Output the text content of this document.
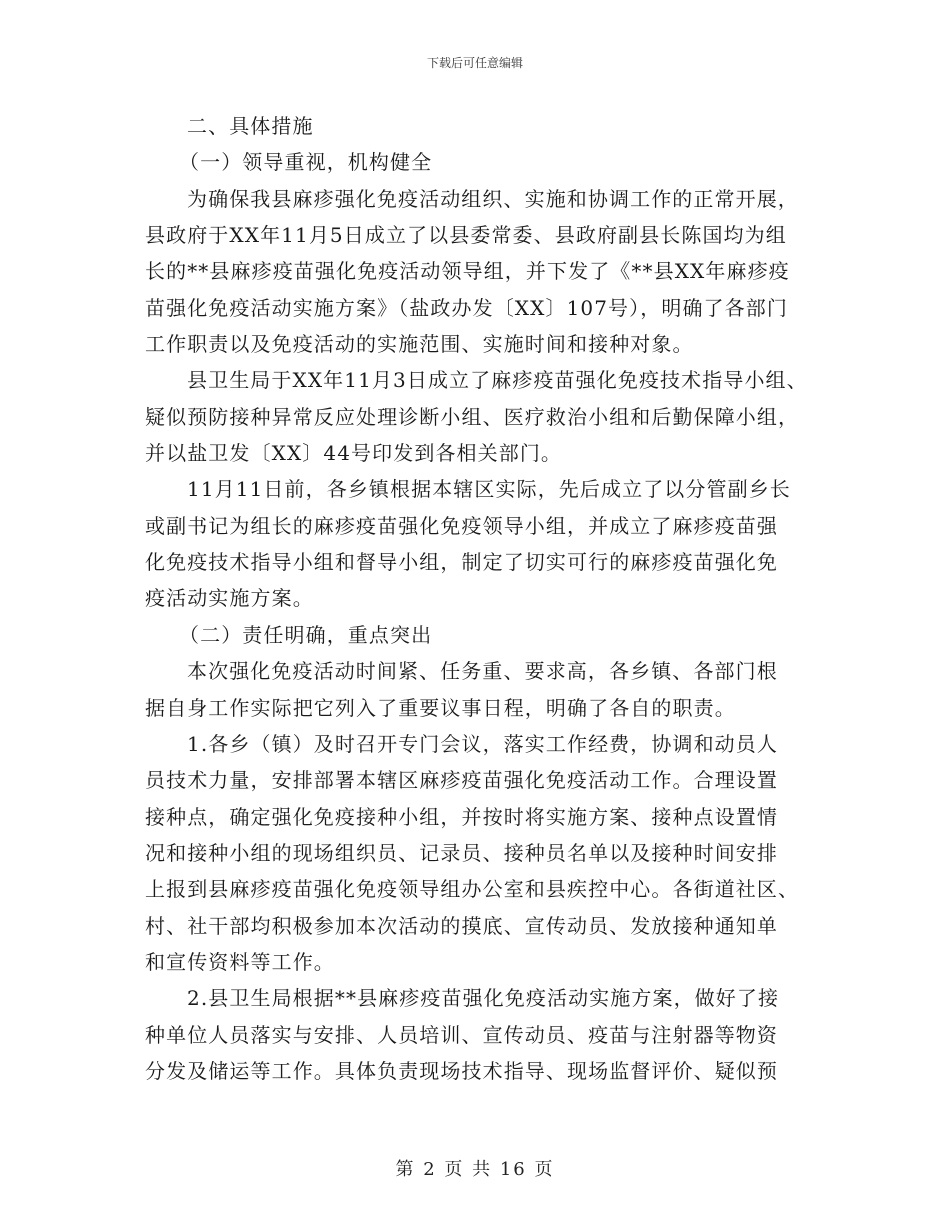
下载后可任意编辑
二、具体措施
（一）领导重视，机构健全
为确保我县麻疹强化免疫活动组织、实施和协调工作的正常开展，
县政府于XX年11月5日成立了以县委常委、县政府副县长陈国均为组
长的**县麻疹疫苗强化免疫活动领导组，并下发了《**县XX年麻疹疫
苗强化免疫活动实施方案》（盐政办发〔XX〕107号），明确了各部门
工作职责以及免疫活动的实施范围、实施时间和接种对象。
县卫生局于XX年11月3日成立了麻疹疫苗强化免疫技术指导小组、
疑似预防接种异常反应处理诊断小组、医疗救治小组和后勤保障小组，
并以盐卫发〔XX〕44号印发到各相关部门。
11月11日前，各乡镇根据本辖区实际，先后成立了以分管副乡长
或副书记为组长的麻疹疫苗强化免疫领导小组，并成立了麻疹疫苗强
化免疫技术指导小组和督导小组，制定了切实可行的麻疹疫苗强化免
疫活动实施方案。
（二）责任明确，重点突出
本次强化免疫活动时间紧、任务重、要求高，各乡镇、各部门根
据自身工作实际把它列入了重要议事日程，明确了各自的职责。
1.各乡（镇）及时召开专门会议，落实工作经费，协调和动员人
员技术力量，安排部署本辖区麻疹疫苗强化免疫活动工作。合理设置
接种点，确定强化免疫接种小组，并按时将实施方案、接种点设置情
况和接种小组的现场组织员、记录员、接种员名单以及接种时间安排
上报到县麻疹疫苗强化免疫领导组办公室和县疾控中心。各街道社区、
村、社干部均积极参加本次活动的摸底、宣传动员、发放接种通知单
和宣传资料等工作。
2.县卫生局根据**县麻疹疫苗强化免疫活动实施方案，做好了接
种单位人员落实与安排、人员培训、宣传动员、疫苗与注射器等物资
分发及储运等工作。具体负责现场技术指导、现场监督评价、疑似预
第 2 页 共 16 页
